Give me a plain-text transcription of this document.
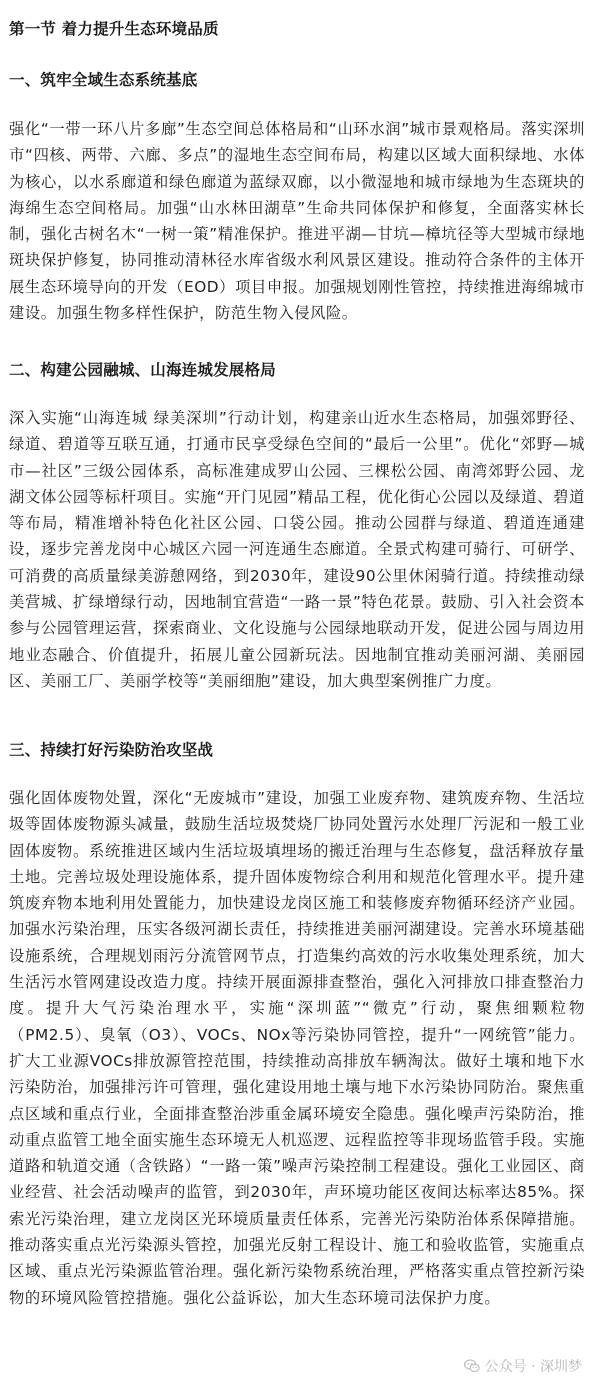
第一节 着力提升生态环境品质
一、筑牢全域生态系统基底

强化“一带一环八片多廊”生态空间总体格局和“山环水润”城市景观格局。落实深圳市“四核、两带、六廊、多点”的湿地生态空间布局，构建以区域大面积绿地、水体为核心，以水系廊道和绿色廊道为蓝绿双廊，以小微湿地和城市绿地为生态斑块的海绵生态空间格局。加强“山水林田湖草”生命共同体保护和修复，全面落实林长制，强化古树名木“一树一策”精准保护。推进平湖—甘坑—樟坑径等大型城市绿地斑块保护修复，协同推动清林径水库省级水利风景区建设。推动符合条件的主体开展生态环境导向的开发（EOD）项目申报。加强规划刚性管控，持续推进海绵城市建设。加强生物多样性保护，防范生物入侵风险。

二、构建公园融城、山海连城发展格局

深入实施“山海连城 绿美深圳”行动计划，构建亲山近水生态格局，加强郊野径、绿道、碧道等互联互通，打通市民享受绿色空间的“最后一公里”。优化“郊野—城市—社区”三级公园体系，高标准建成罗山公园、三棵松公园、南湾郊野公园、龙湖文体公园等标杆项目。实施“开门见园”精品工程，优化街心公园以及绿道、碧道等布局，精准增补特色化社区公园、口袋公园。推动公园群与绿道、碧道连通建设，逐步完善龙岗中心城区六园一河连通生态廊道。全景式构建可骑行、可研学、可消费的高质量绿美游憩网络，到2030年，建设90公里休闲骑行道。持续推动绿美营城、扩绿增绿行动，因地制宜营造“一路一景”特色花景。鼓励、引入社会资本参与公园管理运营，探索商业、文化设施与公园绿地联动开发，促进公园与周边用地业态融合、价值提升，拓展儿童公园新玩法。因地制宜推动美丽河湖、美丽园区、美丽工厂、美丽学校等“美丽细胞”建设，加大典型案例推广力度。

三、持续打好污染防治攻坚战

强化固体废物处置，深化“无废城市”建设，加强工业废弃物、建筑废弃物、生活垃圾等固体废物源头减量，鼓励生活垃圾焚烧厂协同处置污水处理厂污泥和一般工业固体废物。系统推进区域内生活垃圾填埋场的搬迁治理与生态修复，盘活释放存量土地。完善垃圾处理设施体系，提升固体废物综合利用和规范化管理水平。提升建筑废弃物本地利用处置能力，加快建设龙岗区施工和装修废弃物循环经济产业园。加强水污染治理，压实各级河湖长责任，持续推进美丽河湖建设。完善水环境基础设施系统，合理规划雨污分流管网节点，打造集约高效的污水收集处理系统，加大生活污水管网建设改造力度。持续开展面源排查整治，强化入河排放口排查整治力度。提升大气污染治理水平，实施“深圳蓝”“微克”行动，聚焦细颗粒物（PM2.5）、臭氧（O3）、VOCs、NOx等污染协同管控，提升“一网统管”能力。扩大工业源VOCs排放源管控范围，持续推动高排放车辆淘汰。做好土壤和地下水污染防治，加强排污许可管理，强化建设用地土壤与地下水污染协同防治。聚焦重点区域和重点行业，全面排查整治涉重金属环境安全隐患。强化噪声污染防治，推动重点监管工地全面实施生态环境无人机巡逻、远程监控等非现场监管手段。实施道路和轨道交通（含铁路）“一路一策”噪声污染控制工程建设。强化工业园区、商业经营、社会活动噪声的监管，到2030年，声环境功能区夜间达标率达85%。探索光污染治理，建立龙岗区光环境质量责任体系，完善光污染防治体系保障措施。推动落实重点光污染源头管控，加强光反射工程设计、施工和验收监管，实施重点区域、重点光污染源监管治理。强化新污染物系统治理，严格落实重点管控新污染物的环境风险管控措施。强化公益诉讼，加大生态环境司法保护力度。

公众号 · 深圳梦
